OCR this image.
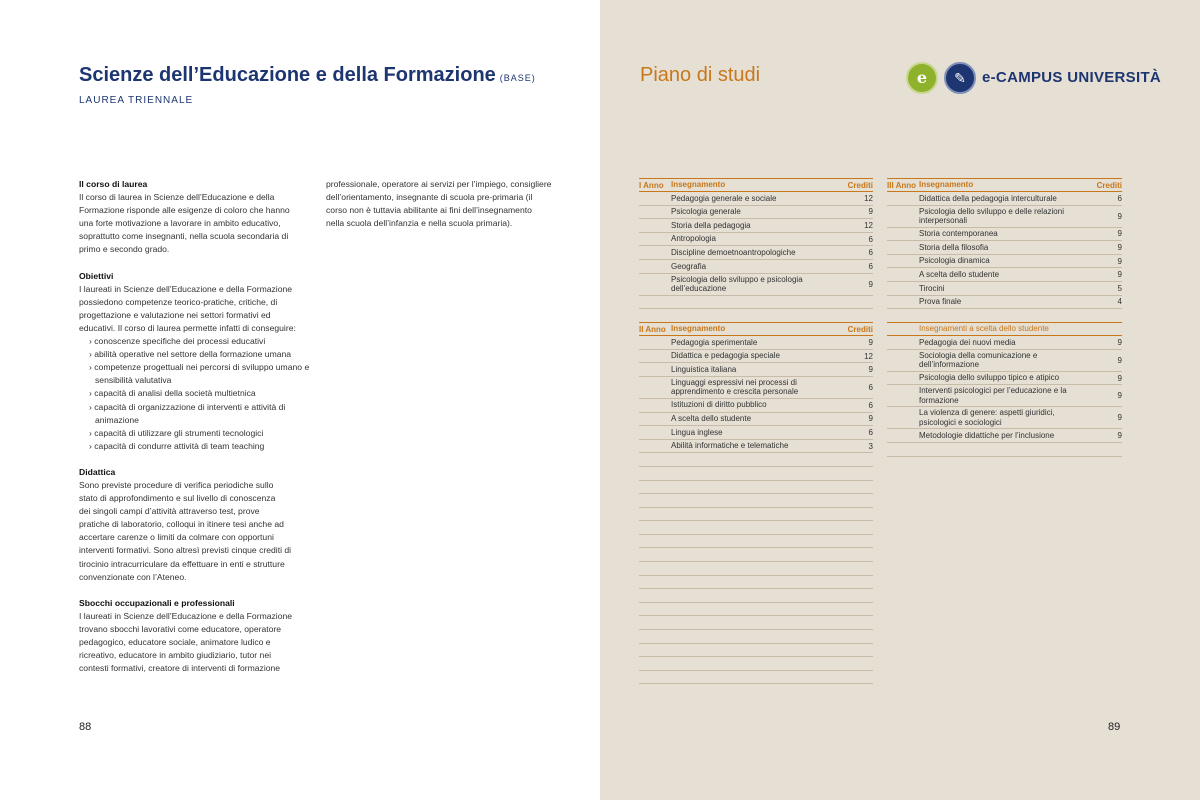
Scienze dell’Educazione e della Formazione (BASE)
LAUREA TRIENNALE

Il corso di laurea

Il corso di laurea in Scienze dell’Educazione e della

Formazione risponde alle esigenze di coloro che hanno

una forte motivazione a lavorare in ambito educativo,

soprattutto come insegnanti, nella scuola secondaria di

primo e secondo grado.

Obiettivi

I laureati in Scienze dell’Educazione e della Formazione

possiedono competenze teorico-pratiche, critiche, di

progettazione e valutazione nei settori formativi ed

educativi. Il corso di laurea permette infatti di conseguire:

› conoscenze specifiche dei processi educativi
› abilità operative nel settore della formazione umana
› competenze progettuali nei percorsi di sviluppo umano e sensibilità valutativa
› capacità di analisi della società multietnica
› capacità di organizzazione di interventi e attività di animazione
› capacità di utilizzare gli strumenti tecnologici
› capacità di condurre attività di team teaching

Didattica

Sono previste procedure di verifica periodiche sullo

stato di approfondimento e sul livello di conoscenza

dei singoli campi d’attività attraverso test, prove

pratiche di laboratorio, colloqui in itinere tesi anche ad

accertare carenze o limiti da colmare con opportuni

interventi formativi. Sono altresì previsti cinque crediti di

tirocinio intracurriculare da effettuare in enti e strutture

convenzionate con l’Ateneo.

Sbocchi occupazionali e professionali

I laureati in Scienze dell’Educazione e della Formazione

trovano sbocchi lavorativi come educatore, operatore

pedagogico, educatore sociale, animatore ludico e

ricreativo, educatore in ambito giudiziario, tutor nei

contesti formativi, creatore di interventi di formazione

professionale, operatore ai servizi per l’impiego, consigliere

dell’orientamento, insegnante di scuola pre-primaria (il

corso non è tuttavia abilitante ai fini dell’insegnamento

nella scuola dell’infanzia e nella scuola primaria).

88
Piano di studi	e	✎	e-CAMPUS UNIVERSITÀ
I Anno Insegnamento	Crediti
Pedagogia generale e sociale	12
Psicologia generale	9
Storia della pedagogia	12
Antropologia	6
Discipline demoetnoantropologiche	6
Geografia	6
Psicologia dello sviluppo e psicologia dell’educazione	9
II Anno Insegnamento	Crediti
Pedagogia sperimentale	9
Didattica e pedagogia speciale	12
Linguistica italiana	9
Linguaggi espressivi nei processi di apprendimento e crescita personale	6
Istituzioni di diritto pubblico	6
A scelta dello studente	9
Lingua inglese	6
Abilità informatiche e telematiche	3
III Anno Insegnamento	Crediti
Didattica della pedagogia interculturale	6
Psicologia dello sviluppo e delle relazioni interpersonali	9
Storia contemporanea	9
Storia della filosofia	9
Psicologia dinamica	9
A scelta dello studente	9
Tirocini	5
Prova finale	4
Insegnamenti a scelta dello studente
Pedagogia dei nuovi media	9
Sociologia della comunicazione e dell’informazione	9
Psicologia dello sviluppo tipico e atipico	9
Interventi psicologici per l’educazione e la formazione	9
La violenza di genere: aspetti giuridici, psicologici e sociologici	9
Metodologie didattiche per l’inclusione	9
89
